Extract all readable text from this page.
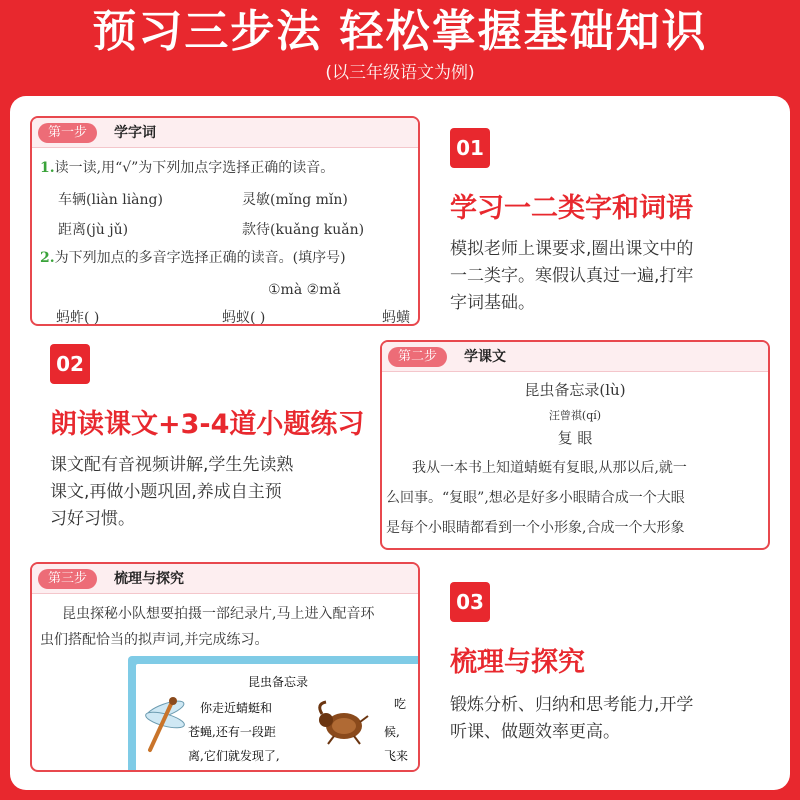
预习三步法 轻松掌握基础知识
(以三年级语文为例)
第一步	学字词
1.读一读,用“√”为下列加点字选择正确的读音。
车辆(liàn liàng)	灵敏(mǐng mǐn)
距离(jù jǔ)	款待(kuǎng kuǎn)
2.为下列加点的多音字选择正确的读音。(填序号)
①mà ②mǎ
蚂蚱( )	蚂蚁( )	蚂蟥
01
学习一二类字和词语
模拟老师上课要求,圈出课文中的
一二类字。寒假认真过一遍,打牢
字词基础。
02
朗读课文+3-4道小题练习
课文配有音视频讲解,学生先读熟
课文,再做小题巩固,养成自主预
习好习惯。
第二步	学课文
昆虫备忘录(lù)
汪曾祺(qí)
复 眼
我从一本书上知道蜻蜓有复眼,从那以后,就一
么回事。“复眼”,想必是好多小眼睛合成一个大眼
是每个小眼睛都看到一个小形象,合成一个大形象
第三步	梳理与探究
昆虫探秘小队想要拍摄一部纪录片,马上进入配音环
虫们搭配恰当的拟声词,并完成练习。
昆虫备忘录
你走近蜻蜓和
苍蝇,还有一段距
离,它们就发现了,
吃
候,
飞来
03
梳理与探究
锻炼分析、归纳和思考能力,开学
听课、做题效率更高。
